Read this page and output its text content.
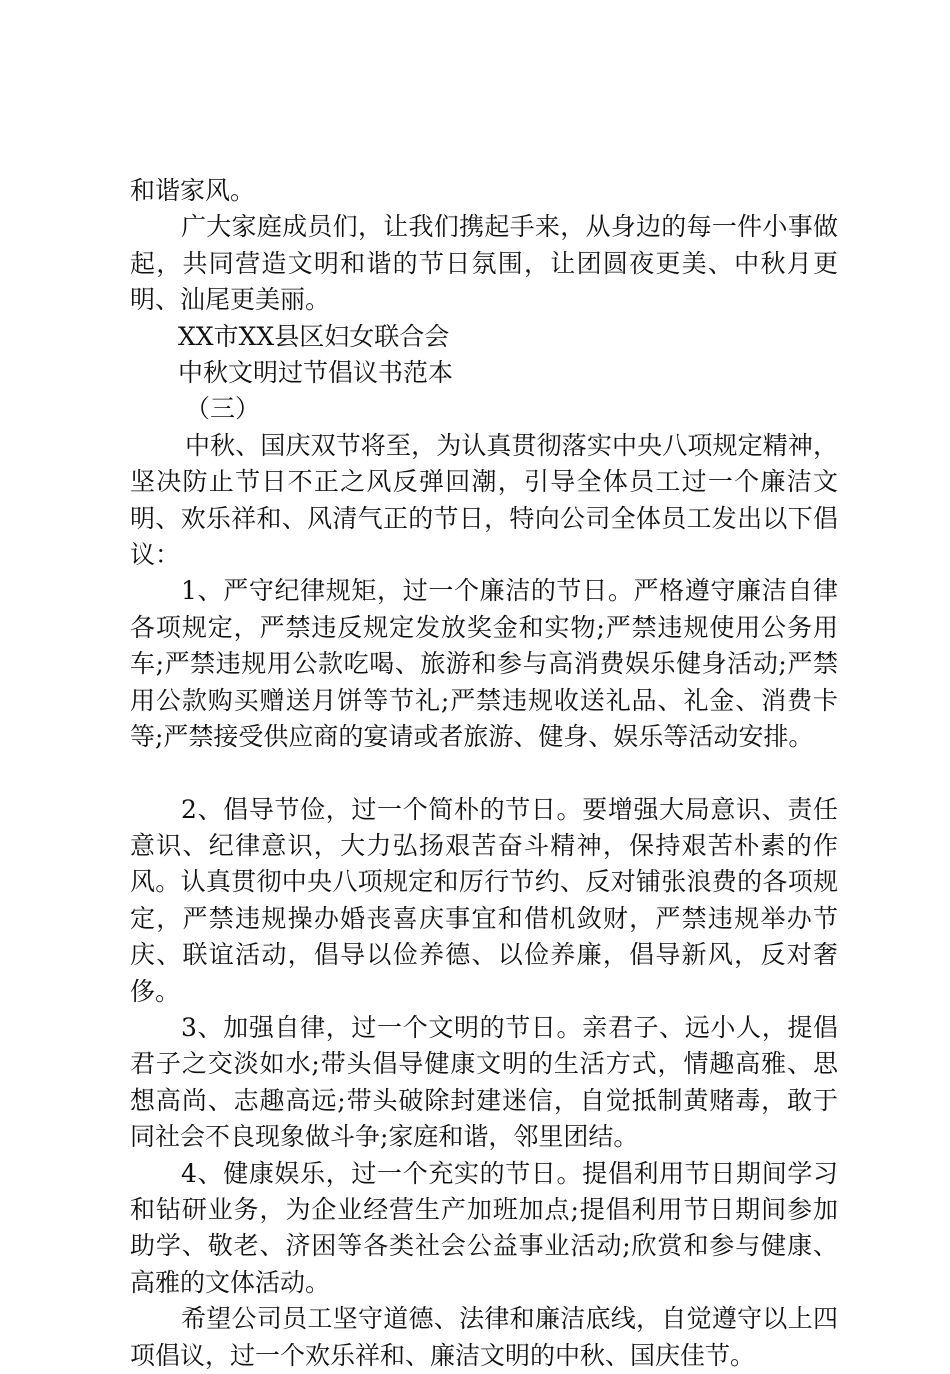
和谐家风。

广大家庭成员们，让我们携起手来，从身边的每一件小事做起，共同营造文明和谐的节日氛围，让团圆夜更美、中秋月更明、汕尾更美丽。

XX市XX县区妇女联合会

中秋文明过节倡议书范本

（三）

中秋、国庆双节将至，为认真贯彻落实中央八项规定精神，坚决防止节日不正之风反弹回潮，引导全体员工过一个廉洁文明、欢乐祥和、风清气正的节日，特向公司全体员工发出以下倡议：

1、严守纪律规矩，过一个廉洁的节日。严格遵守廉洁自律各项规定，严禁违反规定发放奖金和实物;严禁违规使用公务用车;严禁违规用公款吃喝、旅游和参与高消费娱乐健身活动;严禁用公款购买赠送月饼等节礼;严禁违规收送礼品、礼金、消费卡等;严禁接受供应商的宴请或者旅游、健身、娱乐等活动安排。

2、倡导节俭，过一个简朴的节日。要增强大局意识、责任意识、纪律意识，大力弘扬艰苦奋斗精神，保持艰苦朴素的作风。认真贯彻中央八项规定和厉行节约、反对铺张浪费的各项规定，严禁违规操办婚丧喜庆事宜和借机敛财，严禁违规举办节庆、联谊活动，倡导以俭养德、以俭养廉，倡导新风，反对奢侈。

3、加强自律，过一个文明的节日。亲君子、远小人，提倡君子之交淡如水;带头倡导健康文明的生活方式，情趣高雅、思想高尚、志趣高远;带头破除封建迷信，自觉抵制黄赌毒，敢于同社会不良现象做斗争;家庭和谐，邻里团结。

4、健康娱乐，过一个充实的节日。提倡利用节日期间学习和钻研业务，为企业经营生产加班加点;提倡利用节日期间参加助学、敬老、济困等各类社会公益事业活动;欣赏和参与健康、高雅的文体活动。

希望公司员工坚守道德、法律和廉洁底线，自觉遵守以上四项倡议，过一个欢乐祥和、廉洁文明的中秋、国庆佳节。
